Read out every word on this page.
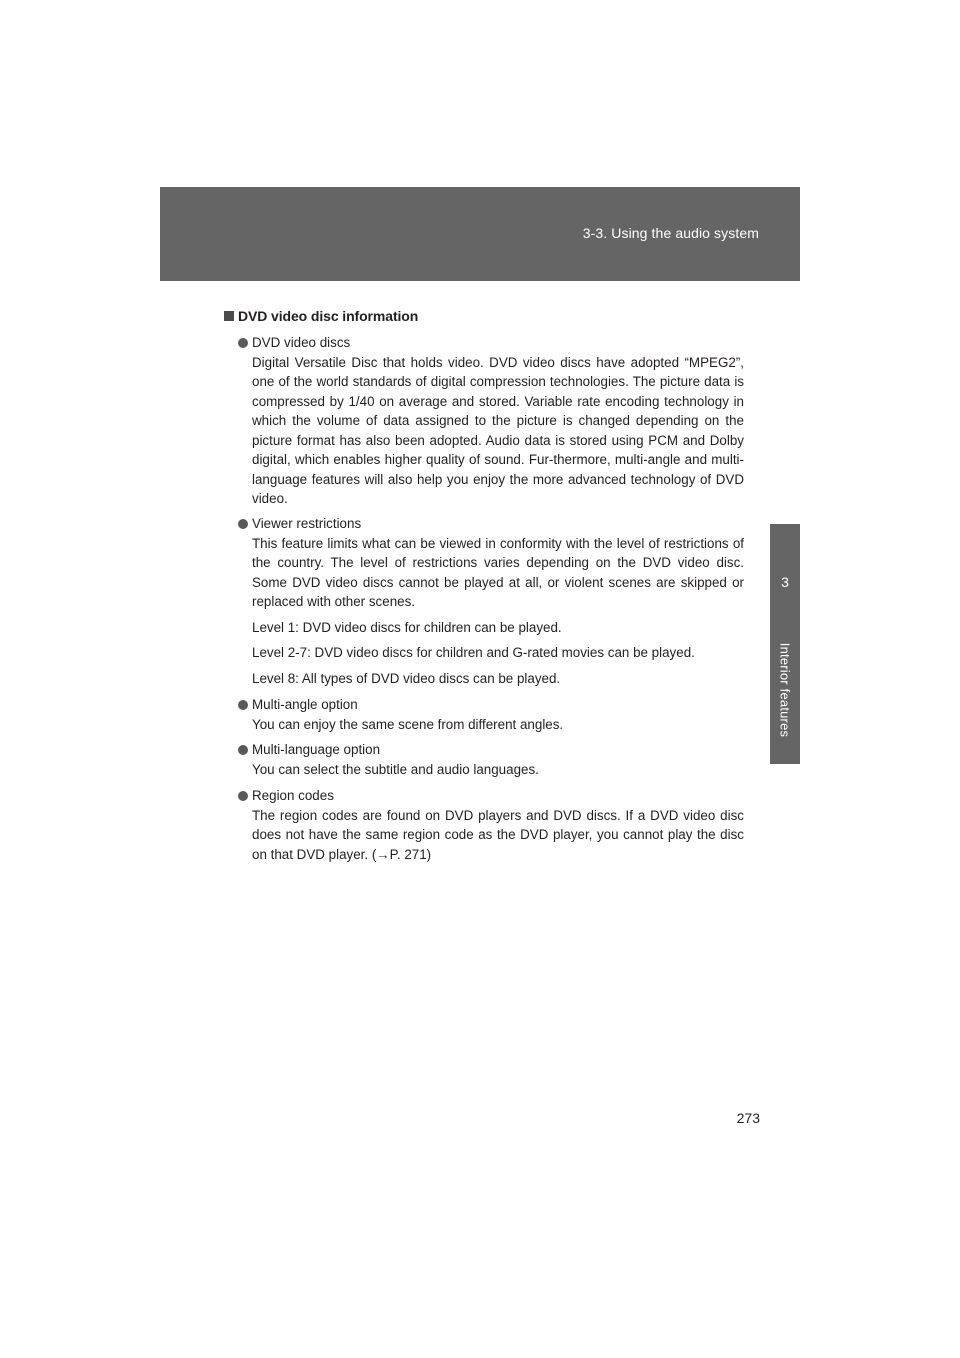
3-3. Using the audio system
3
Interior features
DVD video disc information
DVD video discs
Digital Versatile Disc that holds video. DVD video discs have adopted “MPEG2”, one of the world standards of digital compression technologies. The picture data is compressed by 1/40 on average and stored. Variable rate encoding technology in which the volume of data assigned to the picture is changed depending on the picture format has also been adopted. Audio data is stored using PCM and Dolby digital, which enables higher quality of sound. Fur-thermore, multi-angle and multi-language features will also help you enjoy the more advanced technology of DVD video.
Viewer restrictions
This feature limits what can be viewed in conformity with the level of restrictions of the country. The level of restrictions varies depending on the DVD video disc. Some DVD video discs cannot be played at all, or violent scenes are skipped or replaced with other scenes.
Level 1: DVD video discs for children can be played.
Level 2-7: DVD video discs for children and G-rated movies can be played.
Level 8: All types of DVD video discs can be played.
Multi-angle option
You can enjoy the same scene from different angles.
Multi-language option
You can select the subtitle and audio languages.
Region codes
The region codes are found on DVD players and DVD discs. If a DVD video disc does not have the same region code as the DVD player, you cannot play the disc on that DVD player. (→P. 271)
273
